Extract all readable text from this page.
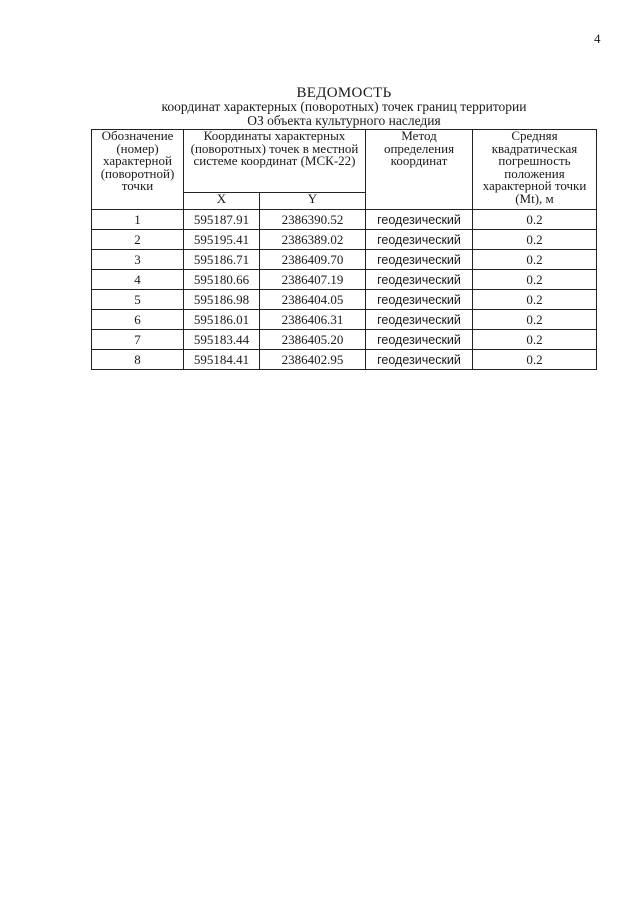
4
ВЕДОМОСТЬ
координат характерных (поворотных) точек границ территории
ОЗ объекта культурного наследия
Обозначение (номер) характерной (поворотной) точки	Координаты характерных (поворотных) точек в местной системе координат (МСК-22)		Метод определения координат	Средняя квадратическая погрешность положения характерной точки (Mt), м
	X	Y		
1	595187.91	2386390.52	геодезический	0.2
2	595195.41	2386389.02	геодезический	0.2
3	595186.71	2386409.70	геодезический	0.2
4	595180.66	2386407.19	геодезический	0.2
5	595186.98	2386404.05	геодезический	0.2
6	595186.01	2386406.31	геодезический	0.2
7	595183.44	2386405.20	геодезический	0.2
8	595184.41	2386402.95	геодезический	0.2
